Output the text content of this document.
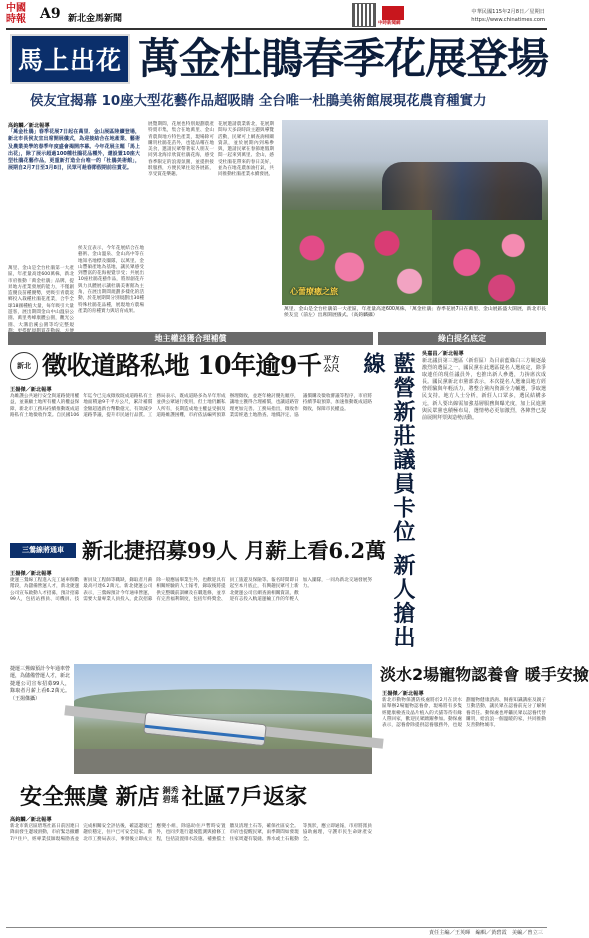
中國
時報	A9 新北金馬新聞	中時新聞網
中華民國115年2月8日／星期日
https://www.chinatimes.com
馬上出花 萬金杜鵑春季花展登場
侯友宜揭幕 10座大型花藝作品超吸睛 全台唯一杜鵑美術館展現花農育種實力
高鈞麟／新北報導
「萬金杜鵑」春季花展7日起在萬里．金山展區陸續登場，新北市長侯友宜出席開展儀式，為迎接結合在地產業、藝術及農業美學的春季年度盛會揭開序幕。今年花展主題「馬上出花」，除了展示超過100種杜鵑花品種外，還設置10座大型杜鵑花藝作品，更重新打造全台唯一的「杜鵑美術館」，展期自2月7日至3月8日，民眾可趁春節假期前往賞花。
萬里、金山是全台杜鵑第一大產區，年產量高達600萬株，新北市府推動「萬金杜鵑」品牌，提昇地方產業發展的能力，不僅創造優良苗種優勢，更吸引青農返鄉投入栽種杜鵑花產業，合乎全球18國種植大量，每年吸引大量遊客，展出期間金山中山溫泉公園、萬里秀峰康體公園，觀光公園、大溝沿溪公園等均完整規
侯友宜表示，今年花展結合在地藝術、金山溫泉、金山高中等在地知名地標及團隊，以萬里、金山豐碩產地為基地，讓民眾感受到豐富的花海視覺享受；共展出10座杜鵑花藝作品，將原創花卉與力具體展示讓杜鵑美術館為主角，在展出期間規劃多樣化的活動，於花展期間分別規劃出30種特殊杜鵑花品種，展現地方農場產業的育種實力與培育成果。
展覽期間，花展也特別規劃農產特賣市集，集合在地萬里、金山青農與地方特色產業，現場除可購買杜鵑花苗外，也能品嚐在地美食，邀請民眾帶著家人朋友一同到北海岸欣賞杜鵑花海，感受春季限定的浪漫氛圍，並提供接駁服務，方便民眾往返各展區，享受賞花樂趣。
花展邀請農業新北，花展期間每天多段時段主題與導覽活動，民眾可上網查詢相關資訊，並於展期內到場參與，邀請民眾在春節連假期間一起來到萬里、金山，感受杜鵑花帶來的春日美好，並為在地花農加油打氣，共同推動杜鵑產業永續發展。
心蕾療癒之旅
萬里、金山是全台杜鵑第一大產區，年產量高達600萬株，「萬金杜鵑」春季花展7日在萬里、金山展區盛大開展，新北市長侯友宜（前左）出席開展儀式。（高鈞麟攝）
地主權益獲合理補償	綠白提名底定
新北 徵收道路私地 10年逾9千 平方
公尺
王揚傑／新北報導
為維護公共通行安全與道路使用權益，並兼顧土地所有權人的權益保障，新北市工務局持續推動既成道路私有土地徵收作業。自民國106年迄今已完成徵收既成道路私有土地面積逾9千平方公尺，累計補償金額超過新台幣數億元，有效減少道路爭議，提升市民通行品質。工務局表示，既成道路多為早年形成並供公眾通行使用，但土地仍屬私人所有，長期造成地主權益受損及道路維護困難，市府依法編列預算辦理徵收，並逐年檢討優先順序，讓地主獲得合理補償，也讓道路管理更加完善。工務局指出，徵收作業需經過土地勘查、地價評定、協議價購及徵收審議等程序，市府將持續爭取預算，加速推動既成道路徵收，保障市民權益。
三鶯線將通車 新北捷招募99人 月薪上看6.2萬
王揚傑／新北報導
捷運三鶯線工程進入完工通車倒數階段，為儲備營運人才，新北捷運公司宣布啟動人才招募，預計招募99人，包括站務員、司機員、技術員及工程師等職缺，錄取者月薪最高可達6.2萬元。新北捷運公司表示，三鶯線預計今年通車營運，需要大量專業人員投入，此次招募除一般應屆畢業生外，也歡迎具有相關經驗的人士報考，錄取後將提供完整職前訓練及在職進修，並享有完善福利制度，包括年終獎金、員工旅遊及保險等。報名時間即日起至本月底止，有興趣民眾可上新北捷運公司官網查詢相關資訊，歡迎有志投入軌道運輸工作的年輕人加入團隊，一同為新北交通發展努力。
捷運三鶯線預計今年通車營運，為儲備營運人才，新北捷運公司宣布招募99人，錄取者月薪上看6.2萬元。（王揚傑攝）
安全無虞 新店 銅秀
碧瑤 社區7戶返家
高鈞麟／新北報導
新北市新店區碧瑤社區日前因連日降雨發生邊坡滑動，市府緊急撤離7戶住戶，經專業技師現場勘查並完成相關安全評估後，確認邊坡已趨於穩定，住戶已可安全返家。新北市工務局表示，事發後立即成立應變小組，除協助住戶暫時安置外，也同步進行邊坡監測與搶修工程，包括設置排水設施、補強擋土牆及清理土石等，確保社區安全。市府也提醒民眾，雨季期間如發現住家周邊有裂縫、滲水或土石鬆動等異狀，應立即通報，市府將派員協助處理，守護市民生命財產安全。
藍營新莊議員卡位 新人搶出線	吳嘉昌／新北報導
新北議員第三選區（新莊區）為目前藍綠白三方競逐最激烈的選區之一，國民黨在此選區提名人選底定，除爭取連任的現任議員外，也推出新人參選，力拚席次成長。國民黨新北市黨部表示，本次提名人選兼具地方經營經驗與年輕活力，將整合黨內資源全力輔選，爭取選民支持。地方人士分析，新莊人口眾多，選民結構多元，新人要出線需加強基層服務與曝光度，加上民進黨與民眾黨也積極布局，選情勢必更加激烈，各陣營已提前展開拜票與造勢活動。
淡水2場寵物認養會 暖手安撿
王揚傑／新北報導
新北市動物保護防疫處將於2月在淡水區舉辦2場寵物認養會，現場將有多隻經健康檢查及晶片植入的犬貓等待有緣人帶回家，歡迎民眾踴躍參加。動保處表示，認養會除提供認養服務外，也規劃寵物健康諮詢、飼養知識講座及親子互動活動，讓民眾在認養前充分了解飼養責任。動保處也呼籲民眾以認養代替購買，給浪浪一個溫暖的家，共同推動友善動物城市。
責任主編／王英暉　編輯／黃碧霞　美編／曾立三
